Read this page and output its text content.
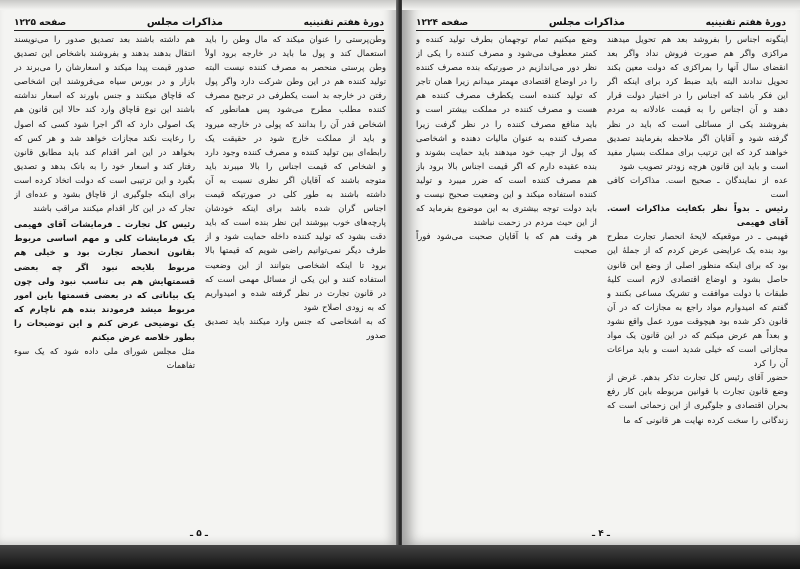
دورهٔ هفتم تقنینیه
مذاکرات مجلس
صفحه ۱۲۲۵

وطن‌پرستی را عنوان میکند که مال وطن را باید استعمال کند و پول ما باید در خارجه برود اولاً وطن پرستی منحصر به مصرف کننده نیست البته تولید کننده هم در این وطن شرکت دارد واگر پول رفتن در خارجه بد است یکطرفی در ترجیح مصرف کننده مطلب مطرح می‌شود پس همانطور که اشخاص قدر آن را بدانند که پولی در خارجه میرود و باید از مملکت خارج شود در حقیقت یک رابطه‌ای بین تولید کننده و مصرف کننده وجود دارد و اشخاص که قیمت اجناس را بالا میبرند باید متوجه باشند که آقایان اگر نظری نسبت به آن داشته باشند به طور کلی در صورتیکه قیمت اجناس گران شده باشد برای اینکه خودشان پارچه‌های خوب بپوشند این نظر بنده است که باید دقت بشود که تولید کننده داخله حمایت شود و از طرف دیگر نمی‌توانیم راضی شویم که قیمتها بالا برود تا اینکه اشخاصی بتوانند از این وضعیت استفاده کنند و این یکی از مسائل مهمی است که در قانون تجارت در نظر گرفته شده و امیدواریم که به زودی اصلاح شود

که به اشخاصی که جنس وارد میکنند باید تصدیق صدور

هم داشته باشند بعد تصدیق صدور را می‌نویسند انتقال بدهند بدهند و بفروشند باشخاص این تصدیق صدور قیمت پیدا میکند و اسعارشان را می‌برند در بازار و در بورس سیاه می‌فروشند این اشخاصی که قاچاق میکنند و جنس باورند که اسعار نداشته باشند این نوع قاچاق وارد کند حالا این قانون هم یک اصولی دارد که اگر اجرا شود کسی که اصول را رعایت نکند مجازات خواهد شد و هر کس که بخواهد در این امر اقدام کند باید مطابق قانون رفتار کند و اسعار خود را به بانک بدهد و تصدیق بگیرد و این ترتیبی است که دولت اتخاذ کرده است برای اینکه جلوگیری از قاچاق بشود و عده‌ای از تجار که در این کار اقدام میکنند مراقب باشند

رئیس کل تجارت ـ فرمایشات آقای فهیمی یک فرمایشات کلی و مهم اساسی مربوط بقانون انحصار تجارت بود و خیلی هم مربوط بلایحه نبود اگر چه بعضی قسمتهایش هم بی تناسب نبود ولی چون یک بیاناتی که در بعضی قسمتها باین امور مربوط میشد فرمودند بنده هم ناچارم که یک توضیحی عرض کنم و این توضیحات را بطور خلاصه عرض میکنم

مثل مجلس شورای ملی داده شود که یک سوء تفاهمات

ـ ۵ ـ
دورهٔ هفتم تقنینیه
مذاکرات مجلس
صفحه ۱۲۲۴

اینگونه اجناس را بفروشد بعد هم تحویل میدهند مراکزی واگر هم صورت فروش نداد واگر بعد انقضای سال آنها را بمراکزی که دولت معین بکند تحویل ندادند البته باید ضبط کرد برای اینکه اگر این فکر باشد که اجناس را در اختیار دولت قرار دهند و آن اجناس را به قیمت عادلانه به مردم بفروشند یکی از مسائلی است که باید در نظر گرفته شود و آقایان اگر ملاحظه بفرمایند تصدیق خواهند کرد که این ترتیب برای مملکت بسیار مفید است و باید این قانون هرچه زودتر تصویب شود

عده از نمایندگان ـ صحیح است. مذاکرات کافی است

رئیس ـ بدواً نظر بکفایت مذاکرات است. آقای فهیمی

فهیمی ـ در موقعیکه لایحهٔ انحصار تجارت مطرح بود بنده یک عرایضی عرض کردم که از جملهٔ این بود که برای اینکه منظور اصلی از وضع این قانون حاصل بشود و اوضاع اقتصادی لازم است کلیهٔ طبقات با دولت موافقت و تشریک مساعی بکنند و گفتم که امیدوارم مواد راجع به مجازات که در آن قانون ذکر شده بود هیچوقت مورد عمل واقع نشود و بعداً هم عرض میکنم که در این قانون یک مواد مجازاتی است که خیلی شدید است و باید مراعات آن را کرد

حضور آقای رئیس کل تجارت تذکر بدهم. غرض از وضع قانون تجارت با قوانین مربوطه باین کار رفع بحران اقتصادی و جلوگیری از این زحماتی است که زندگانی را سخت کرده نهایت هر قانونی که ما

وضع میکنیم تمام توجهمان بطرف تولید کننده و کمتر معطوف می‌شود و مصرف کننده را یکی از نظر دور می‌اندازیم در صورتیکه بنده مصرف کننده را در اوضاع اقتصادی مهمتر میدانم زیرا همان تاجر که تولید کننده است یکطرف مصرف کننده هم هست و مصرف کننده در مملکت بیشتر است و باید منافع مصرف کننده را در نظر گرفت زیرا مصرف کننده به عنوان مالیات دهنده و اشخاصی که پول از جیب خود میدهند باید حمایت بشوند و بنده عقیده دارم که اگر قیمت اجناس بالا برود باز هم مصرف کننده است که ضرر میبرد و تولید کننده استفاده میکند و این وضعیت صحیح نیست و باید دولت توجه بیشتری به این موضوع بفرماید که از این حیث مردم در زحمت نباشند

هر وقت هم که با آقایان صحبت می‌شود فوراً صحبت

ـ ۴ ـ
